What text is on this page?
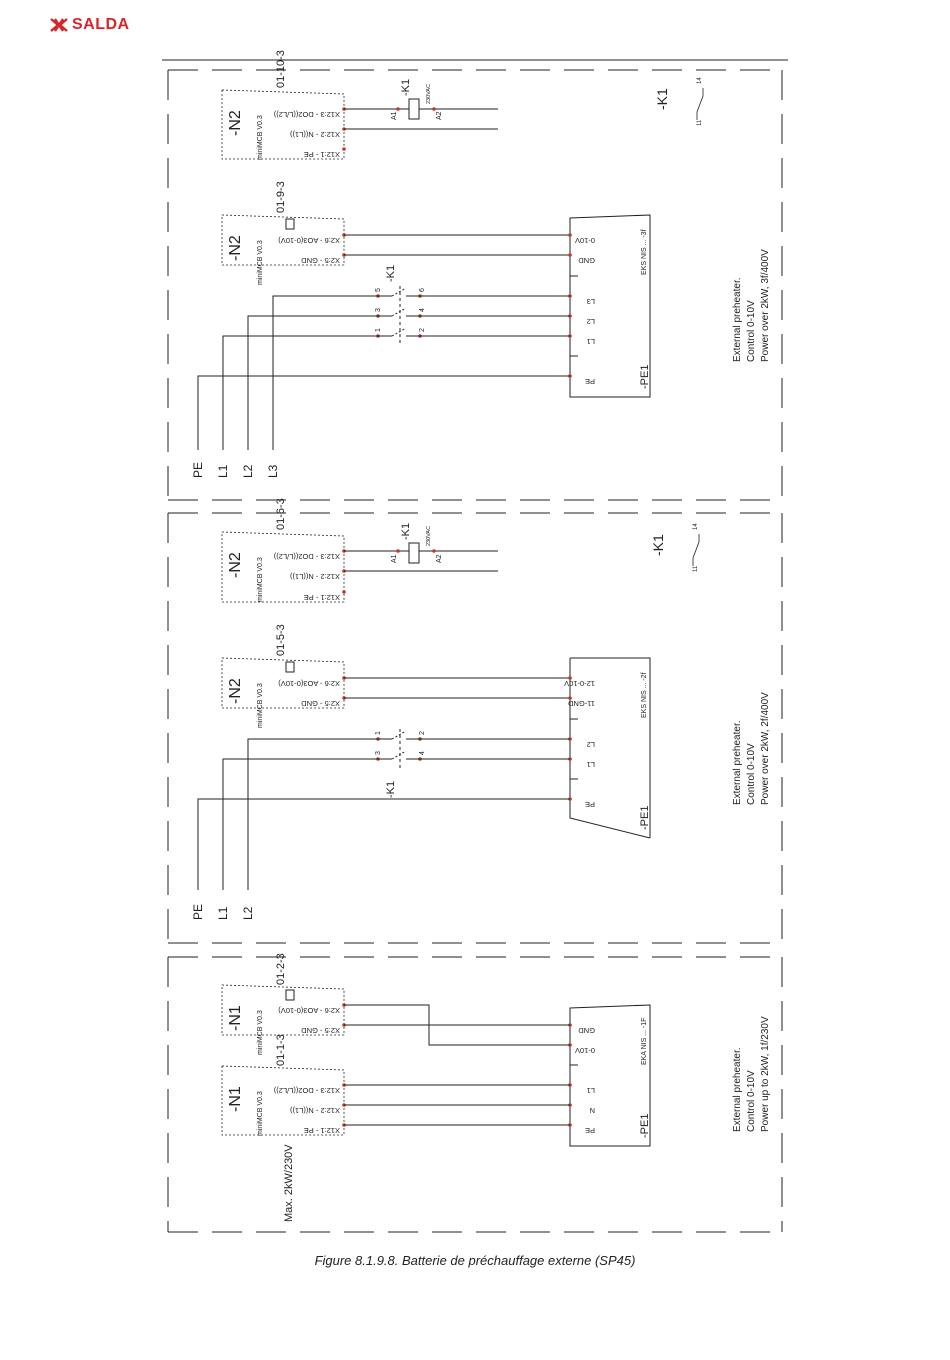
SALDA
-N2 miniMCB V0.3
X12:3 - DO2((L/L2))
X12:2 - N((L1))
X12:1 - PE
01-10-3	-K1
A1	A2
230VAC	-K1
11
14
-N2 miniMCB V0.3 X2:6 - AO3(0-10V)
X2:5 - GND
01-9-3
EKS NIS ... -3f
-PE1
0-10V
GND
L3
L2
L1
PE
5	6
3	4
1	2
-K1
PE L1 L2 L3
External preheater. Control 0-10V Power over 2kW, 3f/400V
-N2 miniMCB V0.3
X12:3 - DO2((L/L2))
X12:2 - N((L1))
X12:1 - PE
01-6-3
-K1
A1	A2
230VAC	-K1
11
14
-N2 miniMCB V0.3 X2:6 - AO3(0-10V)
X2:5 - GND
01-5-3
EKS NIS ... -2f
-PE1
12-0-10V
11-GND
L2
L1
PE
1	2
3	4
-K1
PE L1 L2
External preheater. Control 0-10V Power over 2kW, 2f/400V
-N1 miniMCB V0.3 X2:6 - AO3(0-10V)
X2:5 - GND
01-2-3
-N1 miniMCB V0.3
X12:3 - DO2((L/L2))
X12:2 - N((L1))
X12:1 - PE
01-1-3
Max. 2kW/230V
EKA NIS ... -1F
-PE1
GND
0-10V
L1
N
PE	External preheater. Control 0-10V Power up to 2kW, 1f/230V
Figure 8.1.9.8. Batterie de préchauffage externe (SP45)
